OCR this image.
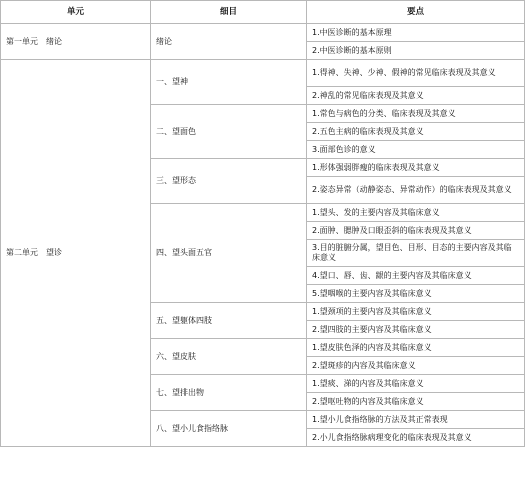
单元	细目	要点
第一单元　绪论	绪论	1.中医诊断的基本原理
		2.中医诊断的基本原则
第二单元　望诊	一、望神	1.得神、失神、少神、假神的常见临床表现及其意义
		2.神乱的常见临床表现及其意义
	二、望面色	1.常色与病色的分类、临床表现及其意义
		2.五色主病的临床表现及其意义
		3.面部色诊的意义
	三、望形态	1.形体强弱胖瘦的临床表现及其意义
		2.姿态异常（动静姿态、异常动作）的临床表现及其意义
	四、望头面五官	1.望头、发的主要内容及其临床意义
		2.面肿、腮肿及口眼歪斜的临床表现及其意义
		3.目的脏腑分属，望目色、目形、目态的主要内容及其临床意义
		4.望口、唇、齿、龈的主要内容及其临床意义
		5.望咽喉的主要内容及其临床意义
	五、望躯体四肢	1.望颈项的主要内容及其临床意义
		2.望四肢的主要内容及其临床意义
	六、望皮肤	1.望皮肤色泽的内容及其临床意义
		2.望斑疹的内容及其临床意义
	七、望排出物	1.望痰、涕的内容及其临床意义
		2.望呕吐物的内容及其临床意义
	八、望小儿食指络脉	1.望小儿食指络脉的方法及其正常表现
		2.小儿食指络脉病理变化的临床表现及其意义
